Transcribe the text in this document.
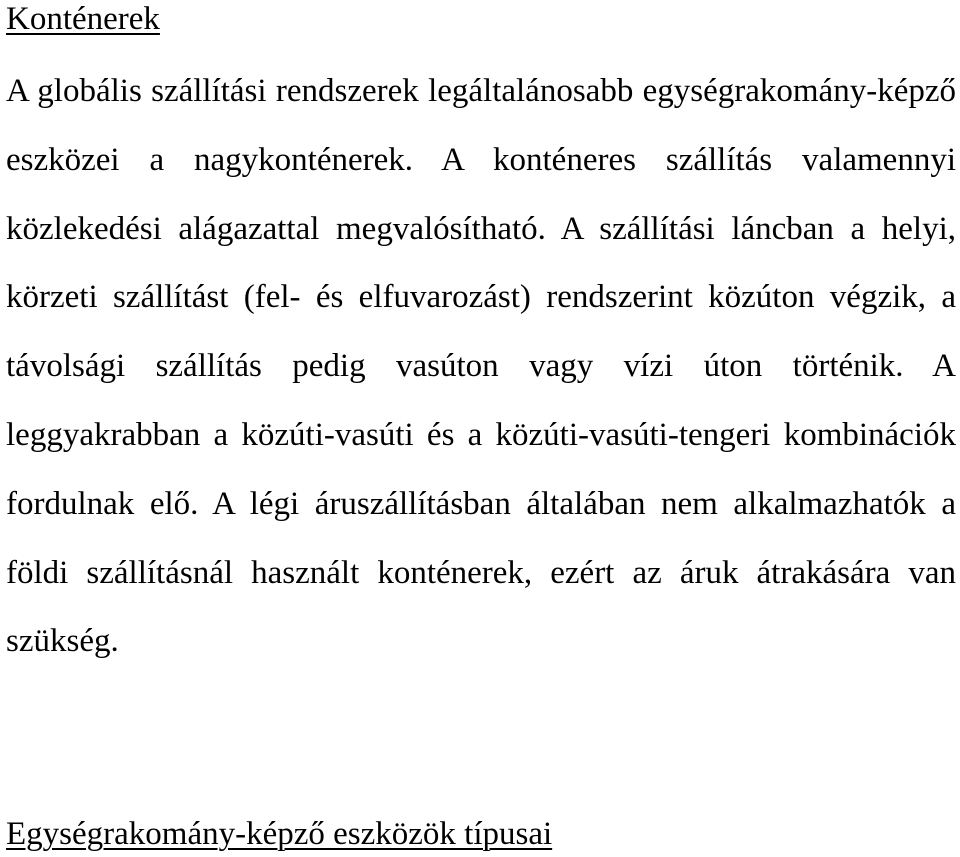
Konténerek

A globális szállítási rendszerek legáltalánosabb egységrakomány-képző eszközei a nagykonténerek. A konténeres szállítás valamennyi közlekedési alágazattal megvalósítható. A szállítási láncban a helyi, körzeti szállítást (fel- és elfuvarozást) rendszerint közúton végzik, a távolsági szállítás pedig vasúton vagy vízi úton történik. A leggyakrabban a közúti-vasúti és a közúti-vasúti-tengeri kombinációk fordulnak elő. A légi áruszállításban általában nem alkalmazhatók a földi szállításnál használt konténerek, ezért az áruk átrakására van szükség.

Egységrakomány-képző eszközök típusai
